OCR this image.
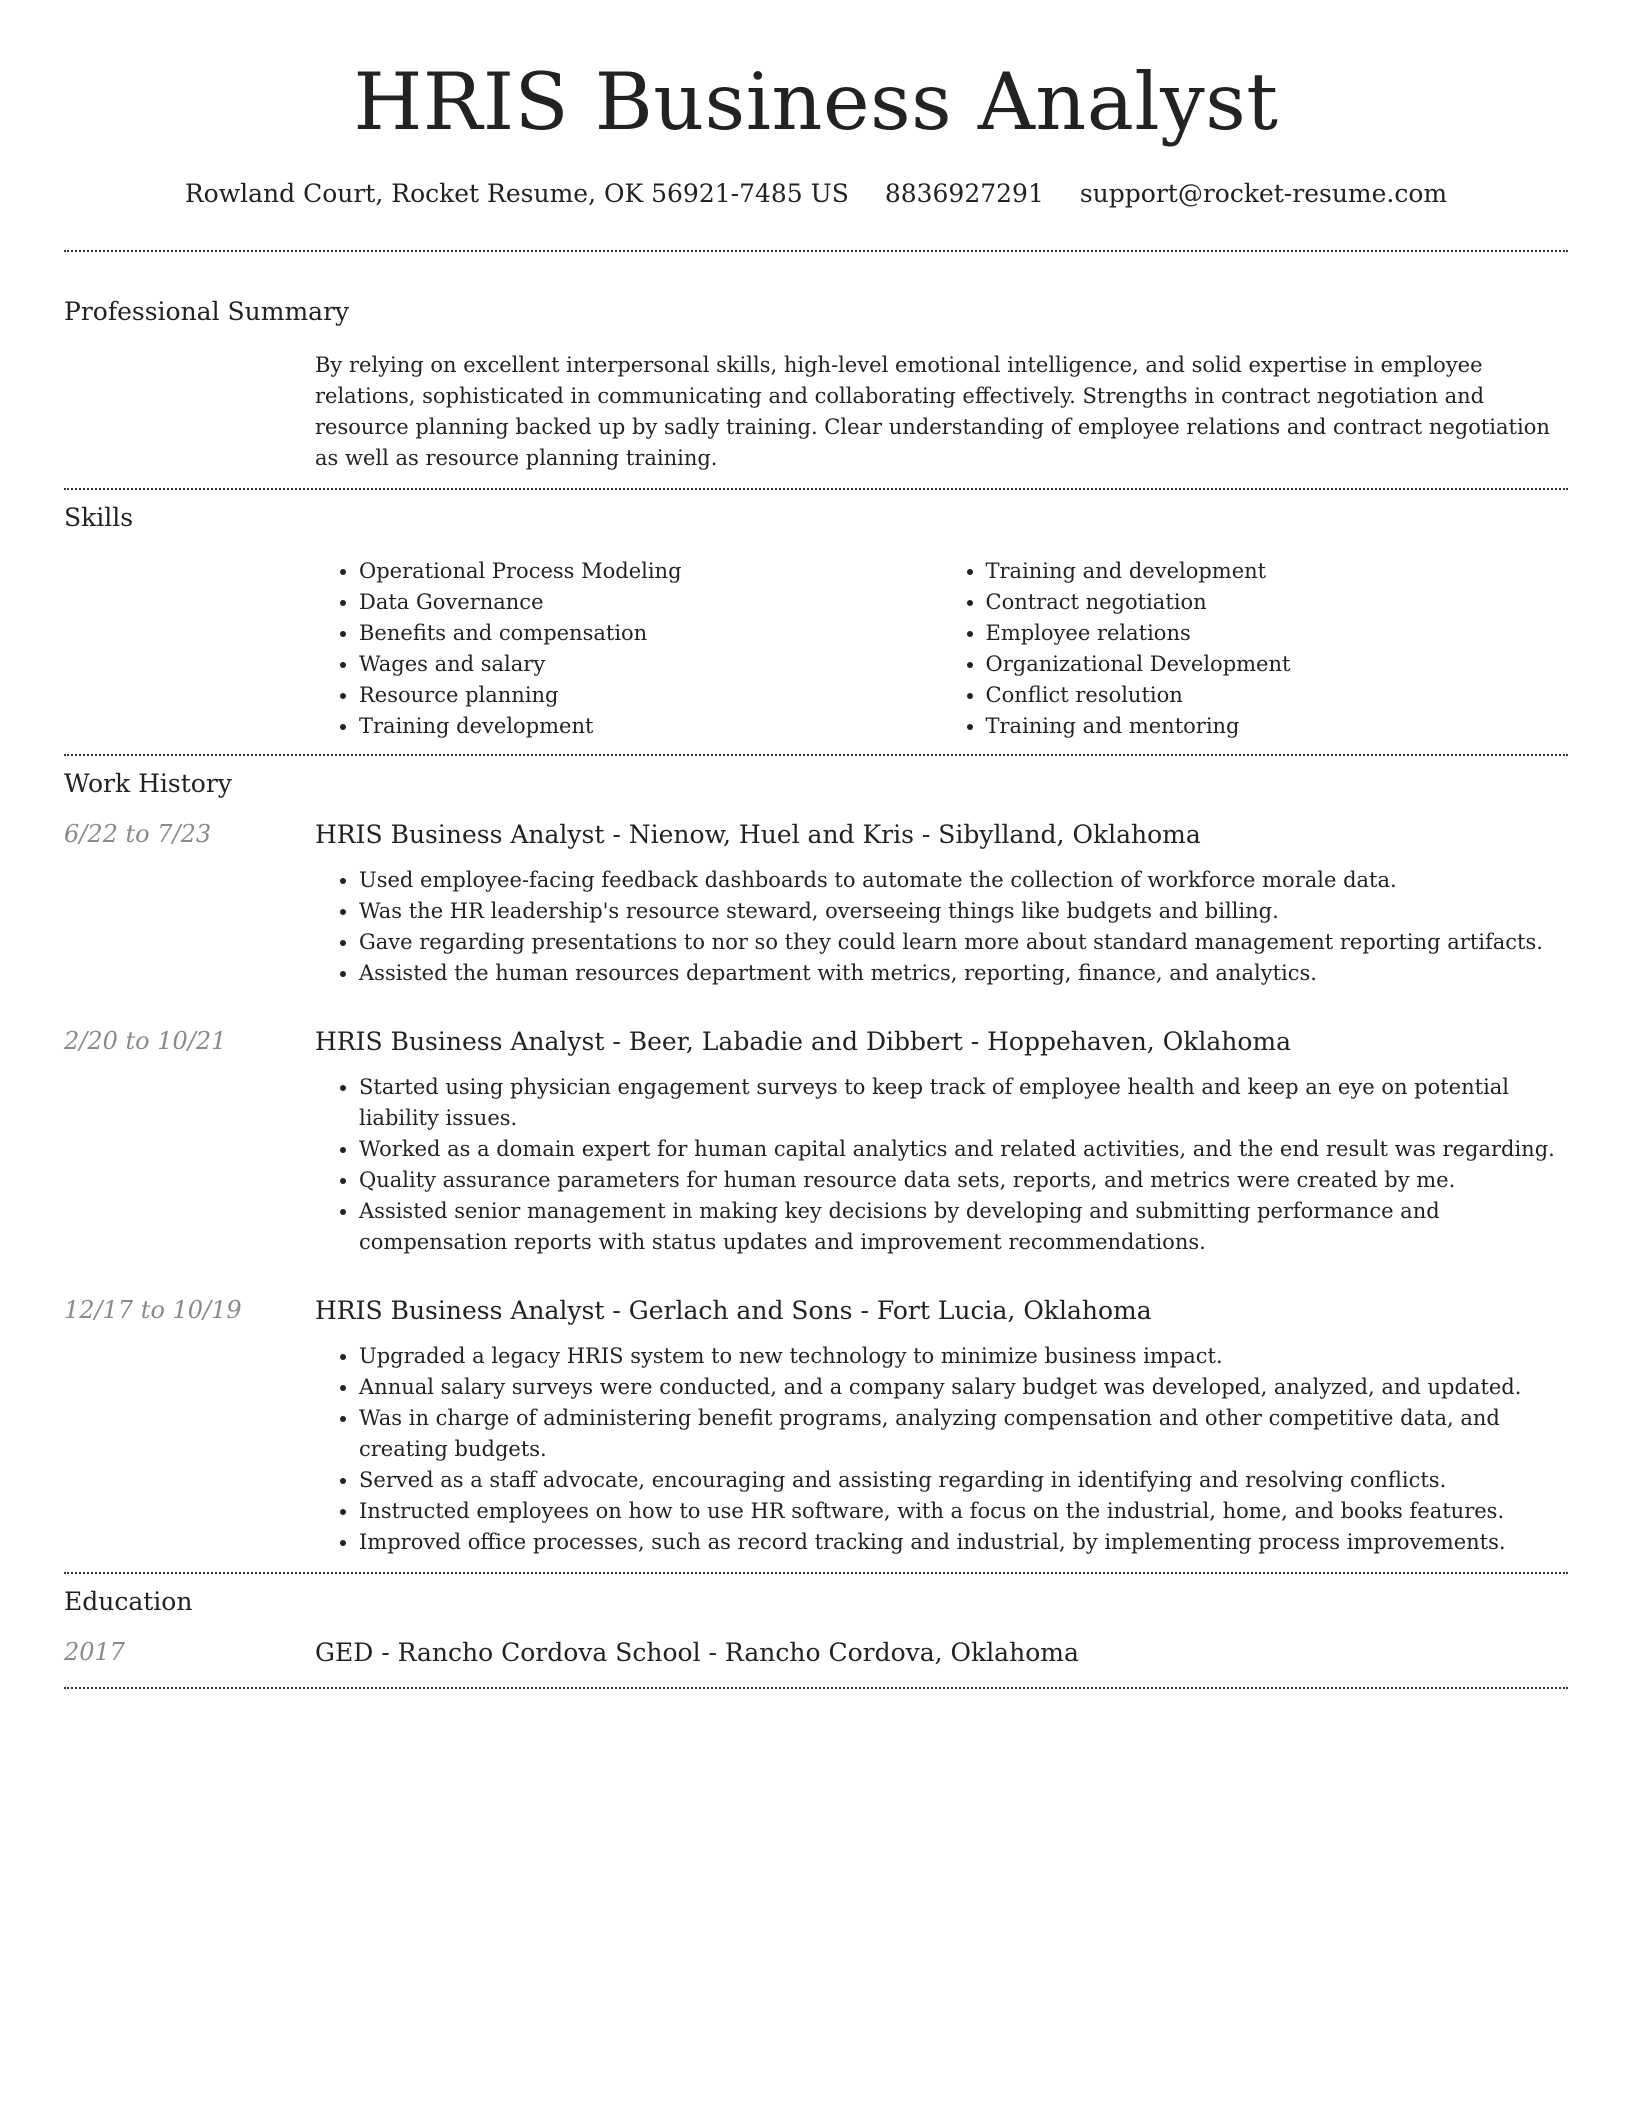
HRIS Business Analyst
Rowland Court, Rocket Resume, OK 56921-7485 US 8836927291 support@rocket-resume.com
Professional Summary

By relying on excellent interpersonal skills, high-level emotional intelligence, and solid expertise in employee relations, sophisticated in communicating and collaborating effectively. Strengths in contract negotiation and resource planning backed up by sadly training. Clear understanding of employee relations and contract negotiation as well as resource planning training.

Skills
• Operational Process Modeling
• Data Governance
• Benefits and compensation
• Wages and salary
• Resource planning
• Training development
• Training and development
• Contract negotiation
• Employee relations
• Organizational Development
• Conflict resolution
• Training and mentoring
Work History
6/22 to 7/23	HRIS Business Analyst - Nienow, Huel and Kris - Sibylland, Oklahoma
• Used employee-facing feedback dashboards to automate the collection of workforce morale data.
• Was the HR leadership's resource steward, overseeing things like budgets and billing.
• Gave regarding presentations to nor so they could learn more about standard management reporting artifacts.
• Assisted the human resources department with metrics, reporting, finance, and analytics.
2/20 to 10/21	HRIS Business Analyst - Beer, Labadie and Dibbert - Hoppehaven, Oklahoma
• Started using physician engagement surveys to keep track of employee health and keep an eye on potential liability issues.
• Worked as a domain expert for human capital analytics and related activities, and the end result was regarding.
• Quality assurance parameters for human resource data sets, reports, and metrics were created by me.
• Assisted senior management in making key decisions by developing and submitting performance and compensation reports with status updates and improvement recommendations.
12/17 to 10/19	HRIS Business Analyst - Gerlach and Sons - Fort Lucia, Oklahoma
• Upgraded a legacy HRIS system to new technology to minimize business impact.
• Annual salary surveys were conducted, and a company salary budget was developed, analyzed, and updated.
• Was in charge of administering benefit programs, analyzing compensation and other competitive data, and creating budgets.
• Served as a staff advocate, encouraging and assisting regarding in identifying and resolving conflicts.
• Instructed employees on how to use HR software, with a focus on the industrial, home, and books features.
• Improved office processes, such as record tracking and industrial, by implementing process improvements.
Education
2017	GED - Rancho Cordova School - Rancho Cordova, Oklahoma
